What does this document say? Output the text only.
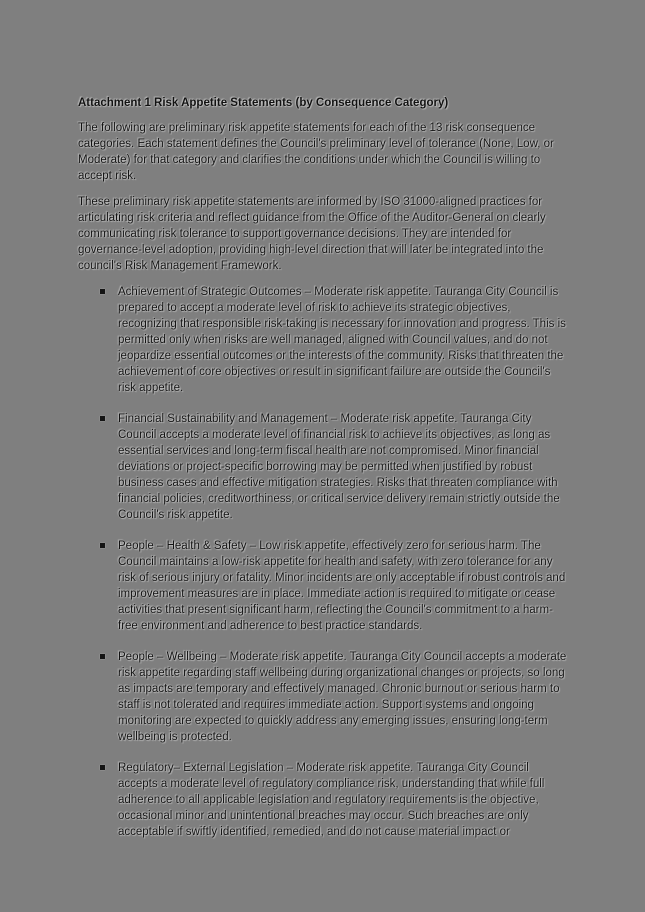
Attachment 1 Risk Appetite Statements (by Consequence Category)

The following are preliminary risk appetite statements for each of the 13 risk consequence categories. Each statement defines the Council's preliminary level of tolerance (None, Low, or Moderate) for that category and clarifies the conditions under which the Council is willing to accept risk.

These preliminary risk appetite statements are informed by ISO 31000-aligned practices for articulating risk criteria and reflect guidance from the Office of the Auditor-General on clearly communicating risk tolerance to support governance decisions. They are intended for governance-level adoption, providing high-level direction that will later be integrated into the council's Risk Management Framework.

Achievement of Strategic Outcomes – Moderate risk appetite. Tauranga City Council is prepared to accept a moderate level of risk to achieve its strategic objectives, recognizing that responsible risk-taking is necessary for innovation and progress. This is permitted only when risks are well managed, aligned with Council values, and do not jeopardize essential outcomes or the interests of the community. Risks that threaten the achievement of core objectives or result in significant failure are outside the Council's risk appetite.
Financial Sustainability and Management – Moderate risk appetite. Tauranga City Council accepts a moderate level of financial risk to achieve its objectives, as long as essential services and long-term fiscal health are not compromised. Minor financial deviations or project-specific borrowing may be permitted when justified by robust business cases and effective mitigation strategies. Risks that threaten compliance with financial policies, creditworthiness, or critical service delivery remain strictly outside the Council's risk appetite.
People – Health & Safety – Low risk appetite, effectively zero for serious harm. The Council maintains a low-risk appetite for health and safety, with zero tolerance for any risk of serious injury or fatality. Minor incidents are only acceptable if robust controls and improvement measures are in place. Immediate action is required to mitigate or cease activities that present significant harm, reflecting the Council's commitment to a harm-free environment and adherence to best practice standards.
People – Wellbeing – Moderate risk appetite. Tauranga City Council accepts a moderate risk appetite regarding staff wellbeing during organizational changes or projects, so long as impacts are temporary and effectively managed. Chronic burnout or serious harm to staff is not tolerated and requires immediate action. Support systems and ongoing monitoring are expected to quickly address any emerging issues, ensuring long-term wellbeing is protected.
Regulatory– External Legislation – Moderate risk appetite. Tauranga City Council accepts a moderate level of regulatory compliance risk, understanding that while full adherence to all applicable legislation and regulatory requirements is the objective, occasional minor and unintentional breaches may occur. Such breaches are only acceptable if swiftly identified, remedied, and do not cause material impact or
